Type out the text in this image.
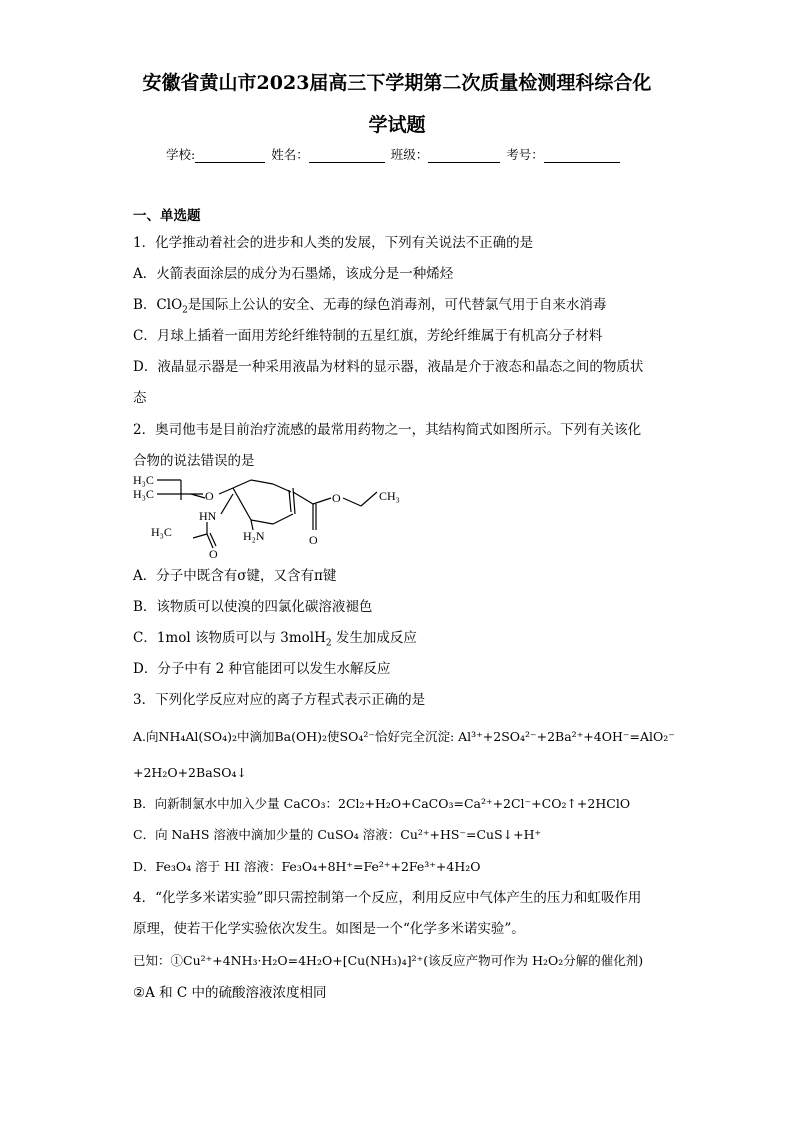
安徽省黄山市2023届高三下学期第二次质量检测理科综合化
学试题
学校:	姓名：	班级：	考号：
一、单选题
1．化学推动着社会的进步和人类的发展，下列有关说法不正确的是
A．火箭表面涂层的成分为石墨烯，该成分是一种烯烃
B．ClO$_2$是国际上公认的安全、无毒的绿色消毒剂，可代替氯气用于自来水消毒
C．月球上插着一面用芳纶纤维特制的五星红旗，芳纶纤维属于有机高分子材料
D．液晶显示器是一种采用液晶为材料的显示器，液晶是介于液态和晶态之间的物质状
态
2．奥司他韦是目前治疗流感的最常用药物之一，其结构简式如图所示。下列有关该化
合物的说法错误的是
H₃C
H₃C	O
HN
H₃C
O
H₂N
O
O
CH₃
A．分子中既含有σ键，又含有π键
B．该物质可以使溴的四氯化碳溶液褪色
C．1mol 该物质可以与 3molH$_2$ 发生加成反应
D．分子中有 2 种官能团可以发生水解反应
3．下列化学反应对应的离子方程式表示正确的是
A.向NH₄Al(SO₄)₂中滴加Ba(OH)₂使SO₄²⁻恰好完全沉淀: Al³⁺+2SO₄²⁻+2Ba²⁺+4OH⁻=AlO₂⁻
+2H₂O+2BaSO₄↓
B．向新制氯水中加入少量 CaCO₃：2Cl₂+H₂O+CaCO₃=Ca²⁺+2Cl⁻+CO₂↑+2HClO
C．向 NaHS 溶液中滴加少量的 CuSO₄ 溶液：Cu²⁺+HS⁻=CuS↓+H⁺
D．Fe₃O₄ 溶于 HI 溶液：Fe₃O₄+8H⁺=Fe²⁺+2Fe³⁺+4H₂O
4．“化学多米诺实验”即只需控制第一个反应，利用反应中气体产生的压力和虹吸作用
原理，使若干化学实验依次发生。如图是一个“化学多米诺实验”。
已知：①Cu²⁺+4NH₃·H₂O=4H₂O+[Cu(NH₃)₄]²⁺(该反应产物可作为 H₂O₂分解的催化剂)
②A 和 C 中的硫酸溶液浓度相同
